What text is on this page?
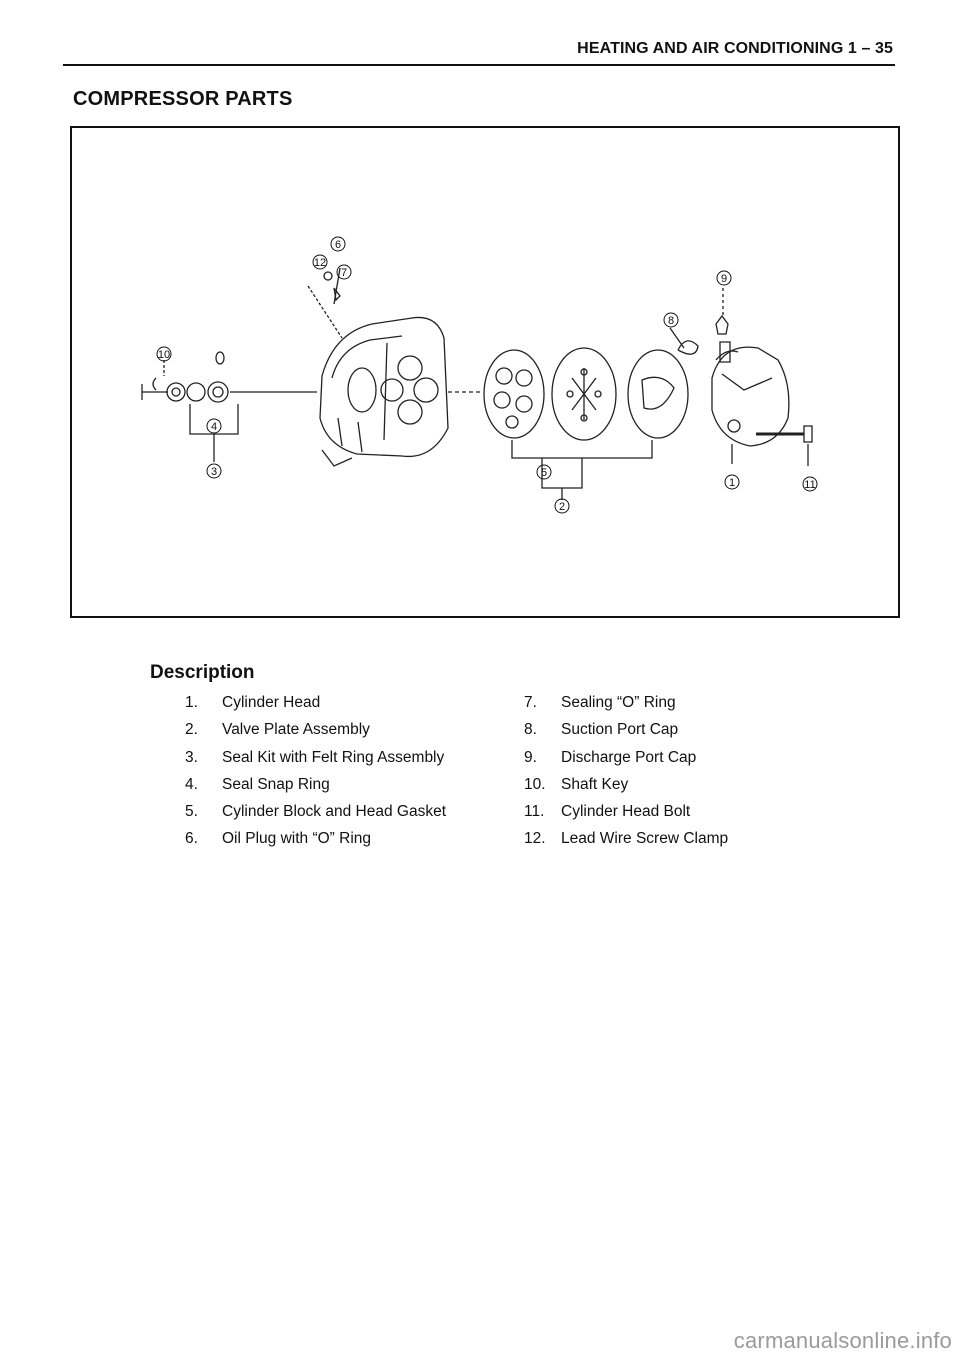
HEATING AND AIR CONDITIONING 1 – 35
COMPRESSOR PARTS
6
12
7	9
8
10
4
3	5
2
1	11
Description
1.	Cylinder Head
2.	Valve Plate Assembly
3.	Seal Kit with Felt Ring Assembly
4.	Seal Snap Ring
5.	Cylinder Block and Head Gasket
6.	Oil Plug with “O” Ring
7.	Sealing “O” Ring
8.	Suction Port Cap
9.	Discharge Port Cap
10. Shaft Key
11.	Cylinder Head Bolt
12. Lead Wire Screw Clamp
carmanualsonline.info
